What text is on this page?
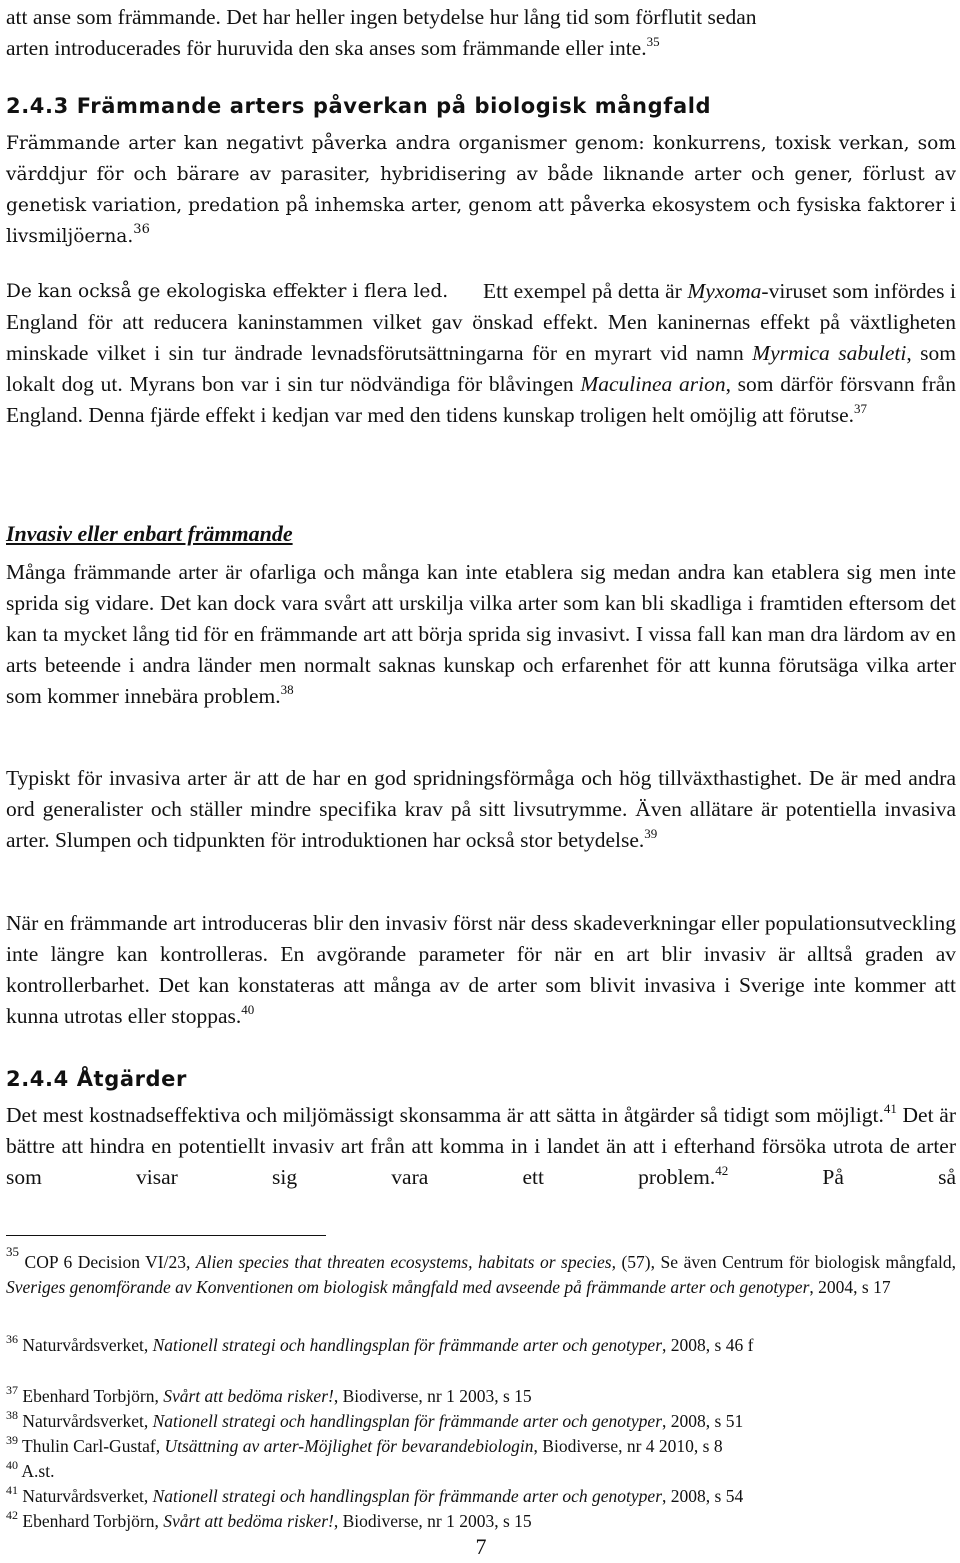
att anse som främmande. Det har heller ingen betydelse hur lång tid som förflutit sedan
arten introducerades för huruvida den ska anses som främmande eller inte.$^{35}$

2.4.3 Främmande arters påverkan på biologisk mångfald

Främmande arter kan negativt påverka andra organismer genom: konkurrens, toxisk verkan, som värddjur för och bärare av parasiter, hybridisering av både liknande arter och gener, förlust av genetisk variation, predation på inhemska arter, genom att påverka ekosystem och fysiska faktorer i livsmiljöerna.$^{36}$

De kan också ge ekologiska effekter i flera led.	Ett exempel på detta är Myxoma-viruset som infördes i England för att reducera kaninstammen vilket gav önskad effekt. Men kaninernas effekt på växtligheten minskade vilket i sin tur ändrade levnadsförutsättningarna för en myrart vid namn Myrmica sabuleti, som lokalt dog ut. Myrans bon var i sin tur nödvändiga för blåvingen Maculinea arion, som därför försvann från England. Denna fjärde effekt i kedjan var med den tidens kunskap troligen helt omöjlig att förutse.$^{37}$

Invasiv eller enbart främmande

Många främmande arter är ofarliga och många kan inte etablera sig medan andra kan etablera sig men inte sprida sig vidare. Det kan dock vara svårt att urskilja vilka arter som kan bli skadliga i framtiden eftersom det kan ta mycket lång tid för en främmande art att börja sprida sig invasivt. I vissa fall kan man dra lärdom av en arts beteende i andra länder men normalt saknas kunskap och erfarenhet för att kunna förutsäga vilka arter som kommer innebära problem.$^{38}$

Typiskt för invasiva arter är att de har en god spridningsförmåga och hög tillväxthastighet. De är med andra ord generalister och ställer mindre specifika krav på sitt livsutrymme. Även allätare är potentiella invasiva arter. Slumpen och tidpunkten för introduktionen har också stor betydelse.$^{39}$

När en främmande art introduceras blir den invasiv först när dess skadeverkningar eller populationsutveckling inte längre kan kontrolleras. En avgörande parameter för när en art blir invasiv är alltså graden av kontrollerbarhet. Det kan konstateras att många av de arter som blivit invasiva i Sverige inte kommer att kunna utrotas eller stoppas.$^{40}$

2.4.4 Åtgärder

Det mest kostnadseffektiva och miljömässigt skonsamma är att sätta in åtgärder så tidigt som möjligt.$^{41}$ Det är bättre att hindra en potentiellt invasiv art från att komma in i landet än att i efterhand försöka utrota de arter som visar sig vara ett problem.$^{42}$ På så

$^{35}$ COP 6 Decision VI/23, Alien species that threaten ecosystems, habitats or species, (57), Se även Centrum för biologisk mångfald, Sveriges genomförande av Konventionen om biologisk mångfald med avseende på främmande arter och genotyper, 2004, s 17

$^{36}$ Naturvårdsverket, Nationell strategi och handlingsplan för främmande arter och genotyper, 2008, s 46 f

$^{37}$ Ebenhard Torbjörn, Svårt att bedöma risker!, Biodiverse, nr 1 2003, s 15

$^{38}$ Naturvårdsverket, Nationell strategi och handlingsplan för främmande arter och genotyper, 2008, s 51

$^{39}$ Thulin Carl-Gustaf, Utsättning av arter-Möjlighet för bevarandebiologin, Biodiverse, nr 4 2010, s 8

$^{40}$ A.st.

$^{41}$ Naturvårdsverket, Nationell strategi och handlingsplan för främmande arter och genotyper, 2008, s 54

$^{42}$ Ebenhard Torbjörn, Svårt att bedöma risker!, Biodiverse, nr 1 2003, s 15

7
